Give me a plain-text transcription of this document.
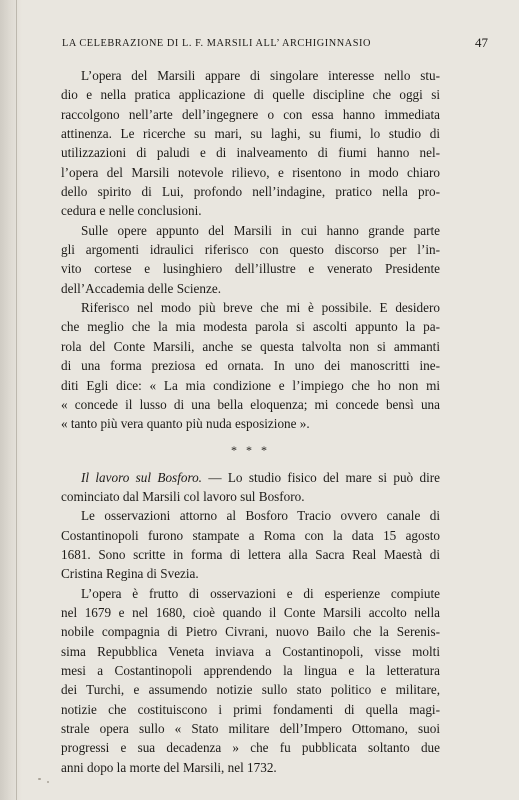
LA CELEBRAZIONE DI L. F. MARSILI ALL’ ARCHIGINNASIO	47
L’opera del Marsili appare di singolare interesse nello stu-
dio e nella pratica applicazione di quelle discipline che oggi si
raccolgono nell’arte dell’ingegnere o con essa hanno immediata
attinenza. Le ricerche su mari, su laghi, su fiumi, lo studio di
utilizzazioni di paludi e di inalveamento di fiumi hanno nel-
l’opera del Marsili notevole rilievo, e risentono in modo chiaro
dello spirito di Lui, profondo nell’indagine, pratico nella pro-
cedura e nelle conclusioni.
Sulle opere appunto del Marsili in cui hanno grande parte
gli argomenti idraulici riferisco con questo discorso per l’in-
vito cortese e lusinghiero dell’illustre e venerato Presidente
dell’Accademia delle Scienze.
Riferisco nel modo più breve che mi è possibile. E desidero
che meglio che la mia modesta parola si ascolti appunto la pa-
rola del Conte Marsili, anche se questa talvolta non si ammanti
di una forma preziosa ed ornata. In uno dei manoscritti ine-
diti Egli dice: « La mia condizione e l’impiego che ho non mi
« concede il lusso di una bella eloquenza; mi concede bensì una
« tanto più vera quanto più nuda esposizione ».
* * *
Il lavoro sul Bosforo. — Lo studio fisico del mare si può dire
cominciato dal Marsili col lavoro sul Bosforo.
Le osservazioni attorno al Bosforo Tracio ovvero canale di
Costantinopoli furono stampate a Roma con la data 15 agosto
1681. Sono scritte in forma di lettera alla Sacra Real Maestà di
Cristina Regina di Svezia.
L’opera è frutto di osservazioni e di esperienze compiute
nel 1679 e nel 1680, cioè quando il Conte Marsili accolto nella
nobile compagnia di Pietro Civrani, nuovo Bailo che la Serenis-
sima Repubblica Veneta inviava a Costantinopoli, visse molti
mesi a Costantinopoli apprendendo la lingua e la letteratura
dei Turchi, e assumendo notizie sullo stato politico e militare,
notizie che costituiscono i primi fondamenti di quella magi-
strale opera sullo « Stato militare dell’Impero Ottomano, suoi
progressi e sua decadenza » che fu pubblicata soltanto due
anni dopo la morte del Marsili, nel 1732.
